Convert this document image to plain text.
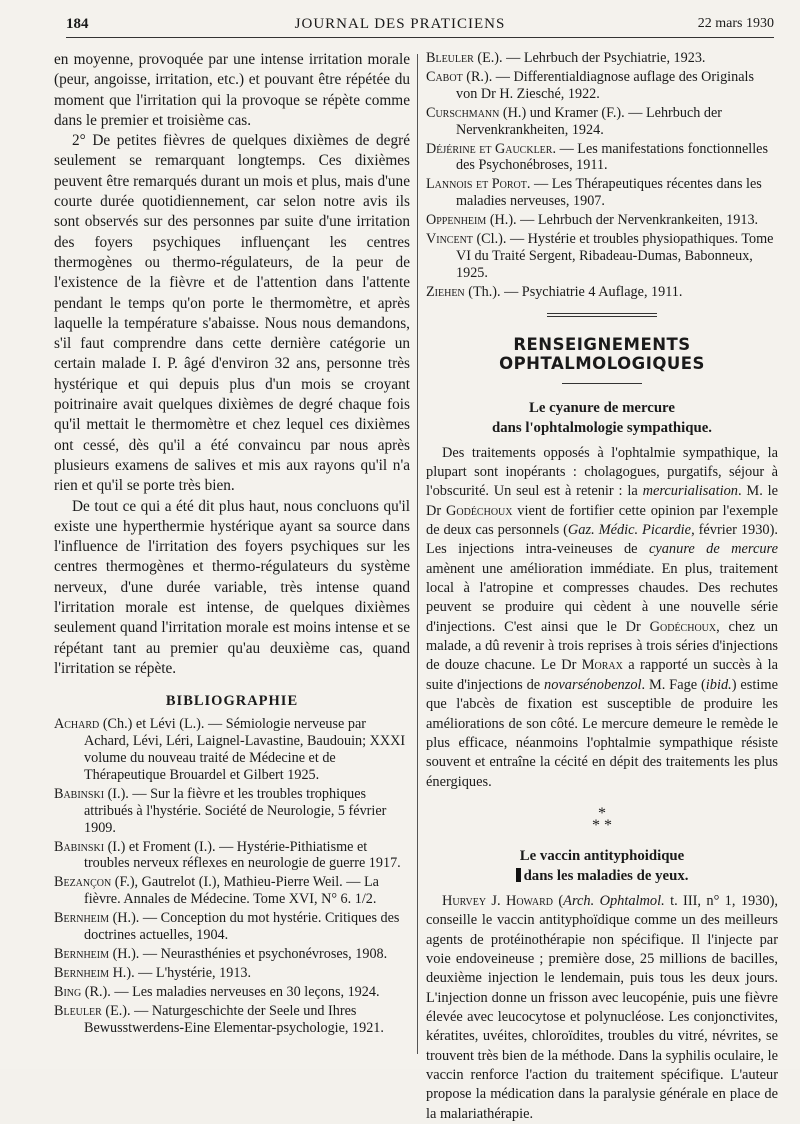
184	JOURNAL DES PRATICIENS	22 mars 1930

en moyenne, provoquée par une intense irritation morale (peur, angoisse, irritation, etc.) et pouvant être répétée du moment que l'irritation qui la provoque se répète comme dans le premier et troisième cas.

2° De petites fièvres de quelques dixièmes de degré seulement se remarquant longtemps. Ces dixièmes peuvent être remarqués durant un mois et plus, mais d'une courte durée quotidiennement, car selon notre avis ils sont observés sur des personnes par suite d'une irritation des foyers psychiques influençant les centres thermogènes ou thermo-régulateurs, de la peur de l'existence de la fièvre et de l'attention dans l'attente pendant le temps qu'on porte le thermomètre, et après laquelle la température s'abaisse. Nous nous demandons, s'il faut comprendre dans cette dernière catégorie un certain malade I. P. âgé d'environ 32 ans, personne très hystérique et qui depuis plus d'un mois se croyant poitrinaire avait quelques dixièmes de degré chaque fois qu'il mettait le thermomètre et chez lequel ces dixièmes ont cessé, dès qu'il a été convaincu par nous après plusieurs examens de salives et mis aux rayons qu'il n'a rien et qu'il se porte très bien.

De tout ce qui a été dit plus haut, nous concluons qu'il existe une hyperthermie hystérique ayant sa source dans l'influence de l'irritation des foyers psychiques sur les centres thermogènes et thermo-régulateurs du système nerveux, d'une durée variable, très intense quand l'irritation morale est intense, de quelques dixièmes seulement quand l'irritation morale est moins intense et se répétant tant au premier qu'au deuxième cas, quand l'irritation se répète.

BIBLIOGRAPHIE

Achard (Ch.) et Lévi (L.). — Sémiologie nerveuse par Achard, Lévi, Léri, Laignel-Lavastine, Baudouin; XXXI volume du nouveau traité de Médecine et de Thérapeutique Brouardel et Gilbert 1925.

Babinski (I.). — Sur la fièvre et les troubles trophiques attribués à l'hystérie. Société de Neurologie, 5 février 1909.

Babinski (I.) et Froment (I.). — Hystérie-Pithiatisme et troubles nerveux réflexes en neurologie de guerre 1917.

Bezançon (F.), Gautrelot (I.), Mathieu-Pierre Weil. — La fièvre. Annales de Médecine. Tome XVI, N° 6. 1/2.

Bernheim (H.). — Conception du mot hystérie. Critiques des doctrines actuelles, 1904.

Bernheim (H.). — Neurasthénies et psychonévroses, 1908.

Bernheim H.). — L'hystérie, 1913.

Bing (R.). — Les maladies nerveuses en 30 leçons, 1924.

Bleuler (E.). — Naturgeschichte der Seele und Ihres Bewusstwerdens-Eine Elementar-psychologie, 1921.

Bleuler (E.). — Lehrbuch der Psychiatrie, 1923.

Cabot (R.). — Differentialdiagnose auflage des Originals von Dr H. Ziesché, 1922.

Curschmann (H.) und Kramer (F.). — Lehrbuch der Nervenkrankheiten, 1924.

Déjérine et Gauckler. — Les manifestations fonctionnelles des Psychonébroses, 1911.

Lannois et Porot. — Les Thérapeutiques récentes dans les maladies nerveuses, 1907.

Oppenheim (H.). — Lehrbuch der Nervenkrankeiten, 1913.

Vincent (Cl.). — Hystérie et troubles physiopathiques. Tome VI du Traité Sergent, Ribadeau-Dumas, Babonneux, 1925.

Ziehen (Th.). — Psychiatrie 4 Auflage, 1911.

RENSEIGNEMENTS OPHTALMOLOGIQUES
Le cyanure de mercure
dans l'ophtalmologie sympathique.

Des traitements opposés à l'ophtalmie sympathique, la plupart sont inopérants : cholagogues, purgatifs, séjour à l'obscurité. Un seul est à retenir : la mercurialisation. M. le Dr Godéchoux vient de fortifier cette opinion par l'exemple de deux cas personnels (Gaz. Médic. Picardie, février 1930). Les injections intra-veineuses de cyanure de mercure amènent une amélioration immédiate. En plus, traitement local à l'atropine et compresses chaudes. Des rechutes peuvent se produire qui cèdent à une nouvelle série d'injections. C'est ainsi que le Dr Godéchoux, chez un malade, a dû revenir à trois reprises à trois séries d'injections de douze chacune. Le Dr Morax a rapporté un succès à la suite d'injections de novarsénobenzol. M. Fage (ibid.) estime que l'abcès de fixation est susceptible de produire les améliorations de son côté. Le mercure demeure le remède le plus efficace, néanmoins l'ophtalmie sympathique résiste souvent et entraîne la cécité en dépit des traitements les plus énergiques.

*
* *
Le vaccin antityphoidique
dans les maladies de yeux.

Hurvey J. Howard (Arch. Ophtalmol. t. III, n° 1, 1930), conseille le vaccin antityphoïdique comme un des meilleurs agents de protéinothérapie non spécifique. Il l'injecte par voie endoveineuse ; première dose, 25 millions de bacilles, deuxième injection le lendemain, puis tous les deux jours. L'injection donne un frisson avec leucopénie, puis une fièvre élevée avec leucocytose et polynucléose. Les conjonctivites, kératites, uvéites, chloroïdites, troubles du vitré, névrites, se trouvent très bien de la méthode. Dans la syphilis oculaire, le vaccin renforce l'action du traitement spécifique. L'auteur propose la médication dans la paralysie générale en place de la malariathérapie.
